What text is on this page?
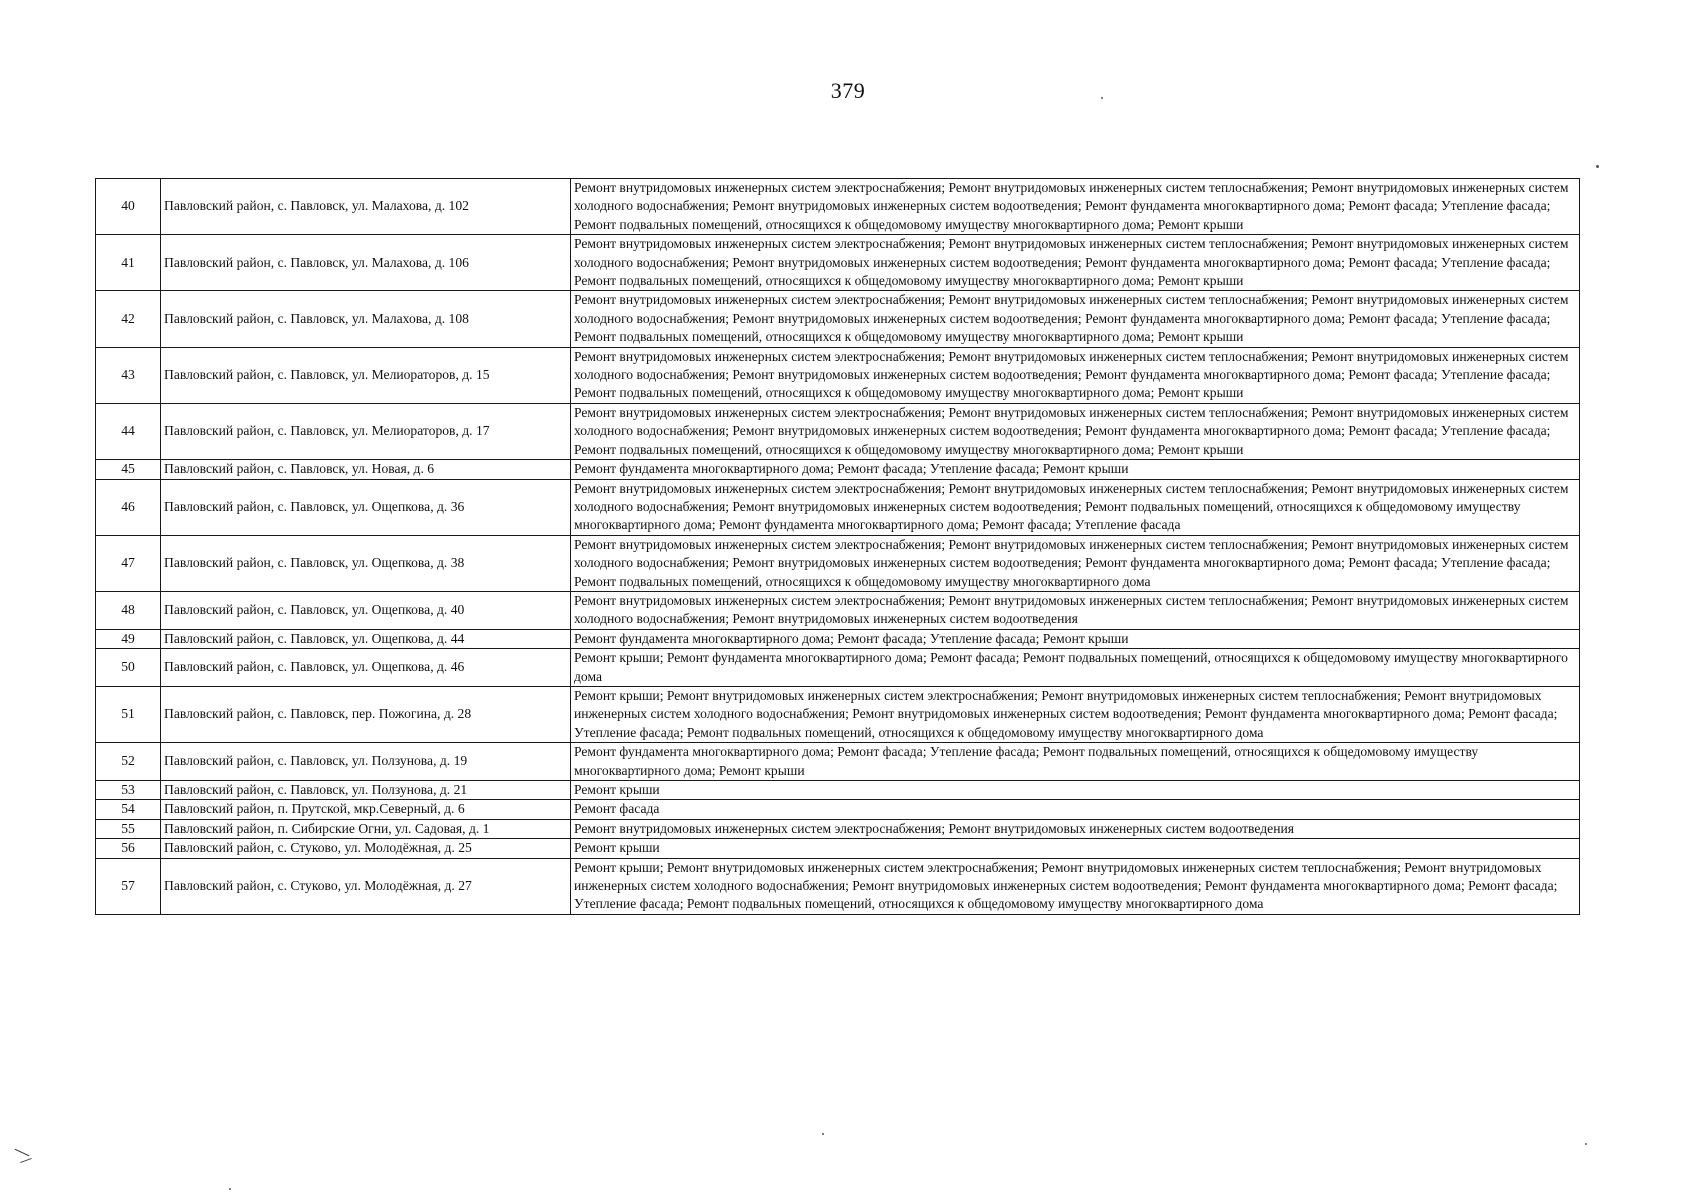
379
40	Павловский район, с. Павловск, ул. Малахова, д. 102	Ремонт внутридомовых инженерных систем электроснабжения; Ремонт внутридомовых инженерных систем теплоснабжения; Ремонт внутридомовых инженерных систем холодного водоснабжения; Ремонт внутридомовых инженерных систем водоотведения; Ремонт фундамента многоквартирного дома; Ремонт фасада; Утепление фасада; Ремонт подвальных помещений, относящихся к общедомовому имуществу многоквартирного дома; Ремонт крыши
41	Павловский район, с. Павловск, ул. Малахова, д. 106	Ремонт внутридомовых инженерных систем электроснабжения; Ремонт внутридомовых инженерных систем теплоснабжения; Ремонт внутридомовых инженерных систем холодного водоснабжения; Ремонт внутридомовых инженерных систем водоотведения; Ремонт фундамента многоквартирного дома; Ремонт фасада; Утепление фасада; Ремонт подвальных помещений, относящихся к общедомовому имуществу многоквартирного дома; Ремонт крыши
42	Павловский район, с. Павловск, ул. Малахова, д. 108	Ремонт внутридомовых инженерных систем электроснабжения; Ремонт внутридомовых инженерных систем теплоснабжения; Ремонт внутридомовых инженерных систем холодного водоснабжения; Ремонт внутридомовых инженерных систем водоотведения; Ремонт фундамента многоквартирного дома; Ремонт фасада; Утепление фасада; Ремонт подвальных помещений, относящихся к общедомовому имуществу многоквартирного дома; Ремонт крыши
43	Павловский район, с. Павловск, ул. Мелиораторов, д. 15	Ремонт внутридомовых инженерных систем электроснабжения; Ремонт внутридомовых инженерных систем теплоснабжения; Ремонт внутридомовых инженерных систем холодного водоснабжения; Ремонт внутридомовых инженерных систем водоотведения; Ремонт фундамента многоквартирного дома; Ремонт фасада; Утепление фасада; Ремонт подвальных помещений, относящихся к общедомовому имуществу многоквартирного дома; Ремонт крыши
44	Павловский район, с. Павловск, ул. Мелиораторов, д. 17	Ремонт внутридомовых инженерных систем электроснабжения; Ремонт внутридомовых инженерных систем теплоснабжения; Ремонт внутридомовых инженерных систем холодного водоснабжения; Ремонт внутридомовых инженерных систем водоотведения; Ремонт фундамента многоквартирного дома; Ремонт фасада; Утепление фасада; Ремонт подвальных помещений, относящихся к общедомовому имуществу многоквартирного дома; Ремонт крыши
45	Павловский район, с. Павловск, ул. Новая, д. 6	Ремонт фундамента многоквартирного дома; Ремонт фасада; Утепление фасада; Ремонт крыши
46	Павловский район, с. Павловск, ул. Ощепкова, д. 36	Ремонт внутридомовых инженерных систем электроснабжения; Ремонт внутридомовых инженерных систем теплоснабжения; Ремонт внутридомовых инженерных систем холодного водоснабжения; Ремонт внутридомовых инженерных систем водоотведения; Ремонт подвальных помещений, относящихся к общедомовому имуществу многоквартирного дома; Ремонт фундамента многоквартирного дома; Ремонт фасада; Утепление фасада
47	Павловский район, с. Павловск, ул. Ощепкова, д. 38	Ремонт внутридомовых инженерных систем электроснабжения; Ремонт внутридомовых инженерных систем теплоснабжения; Ремонт внутридомовых инженерных систем холодного водоснабжения; Ремонт внутридомовых инженерных систем водоотведения; Ремонт фундамента многоквартирного дома; Ремонт фасада; Утепление фасада; Ремонт подвальных помещений, относящихся к общедомовому имуществу многоквартирного дома
48	Павловский район, с. Павловск, ул. Ощепкова, д. 40	Ремонт внутридомовых инженерных систем электроснабжения; Ремонт внутридомовых инженерных систем теплоснабжения; Ремонт внутридомовых инженерных систем холодного водоснабжения; Ремонт внутридомовых инженерных систем водоотведения
49	Павловский район, с. Павловск, ул. Ощепкова, д. 44	Ремонт фундамента многоквартирного дома; Ремонт фасада; Утепление фасада; Ремонт крыши
50	Павловский район, с. Павловск, ул. Ощепкова, д. 46	Ремонт крыши; Ремонт фундамента многоквартирного дома; Ремонт фасада; Ремонт подвальных помещений, относящихся к общедомовому имуществу многоквартирного дома
51	Павловский район, с. Павловск, пер. Пожогина, д. 28	Ремонт крыши; Ремонт внутридомовых инженерных систем электроснабжения; Ремонт внутридомовых инженерных систем теплоснабжения; Ремонт внутридомовых инженерных систем холодного водоснабжения; Ремонт внутридомовых инженерных систем водоотведения; Ремонт фундамента многоквартирного дома; Ремонт фасада; Утепление фасада; Ремонт подвальных помещений, относящихся к общедомовому имуществу многоквартирного дома
52	Павловский район, с. Павловск, ул. Ползунова, д. 19	Ремонт фундамента многоквартирного дома; Ремонт фасада; Утепление фасада; Ремонт подвальных помещений, относящихся к общедомовому имуществу многоквартирного дома; Ремонт крыши
53	Павловский район, с. Павловск, ул. Ползунова, д. 21	Ремонт крыши
54	Павловский район, п. Прутской, мкр.Северный, д. 6	Ремонт фасада
55	Павловский район, п. Сибирские Огни, ул. Садовая, д. 1	Ремонт внутридомовых инженерных систем электроснабжения; Ремонт внутридомовых инженерных систем водоотведения
56	Павловский район, с. Стуково, ул. Молодёжная, д. 25	Ремонт крыши
57	Павловский район, с. Стуково, ул. Молодёжная, д. 27	Ремонт крыши; Ремонт внутридомовых инженерных систем электроснабжения; Ремонт внутридомовых инженерных систем теплоснабжения; Ремонт внутридомовых инженерных систем холодного водоснабжения; Ремонт внутридомовых инженерных систем водоотведения; Ремонт фундамента многоквартирного дома; Ремонт фасада; Утепление фасада; Ремонт подвальных помещений, относящихся к общедомовому имуществу многоквартирного дома
